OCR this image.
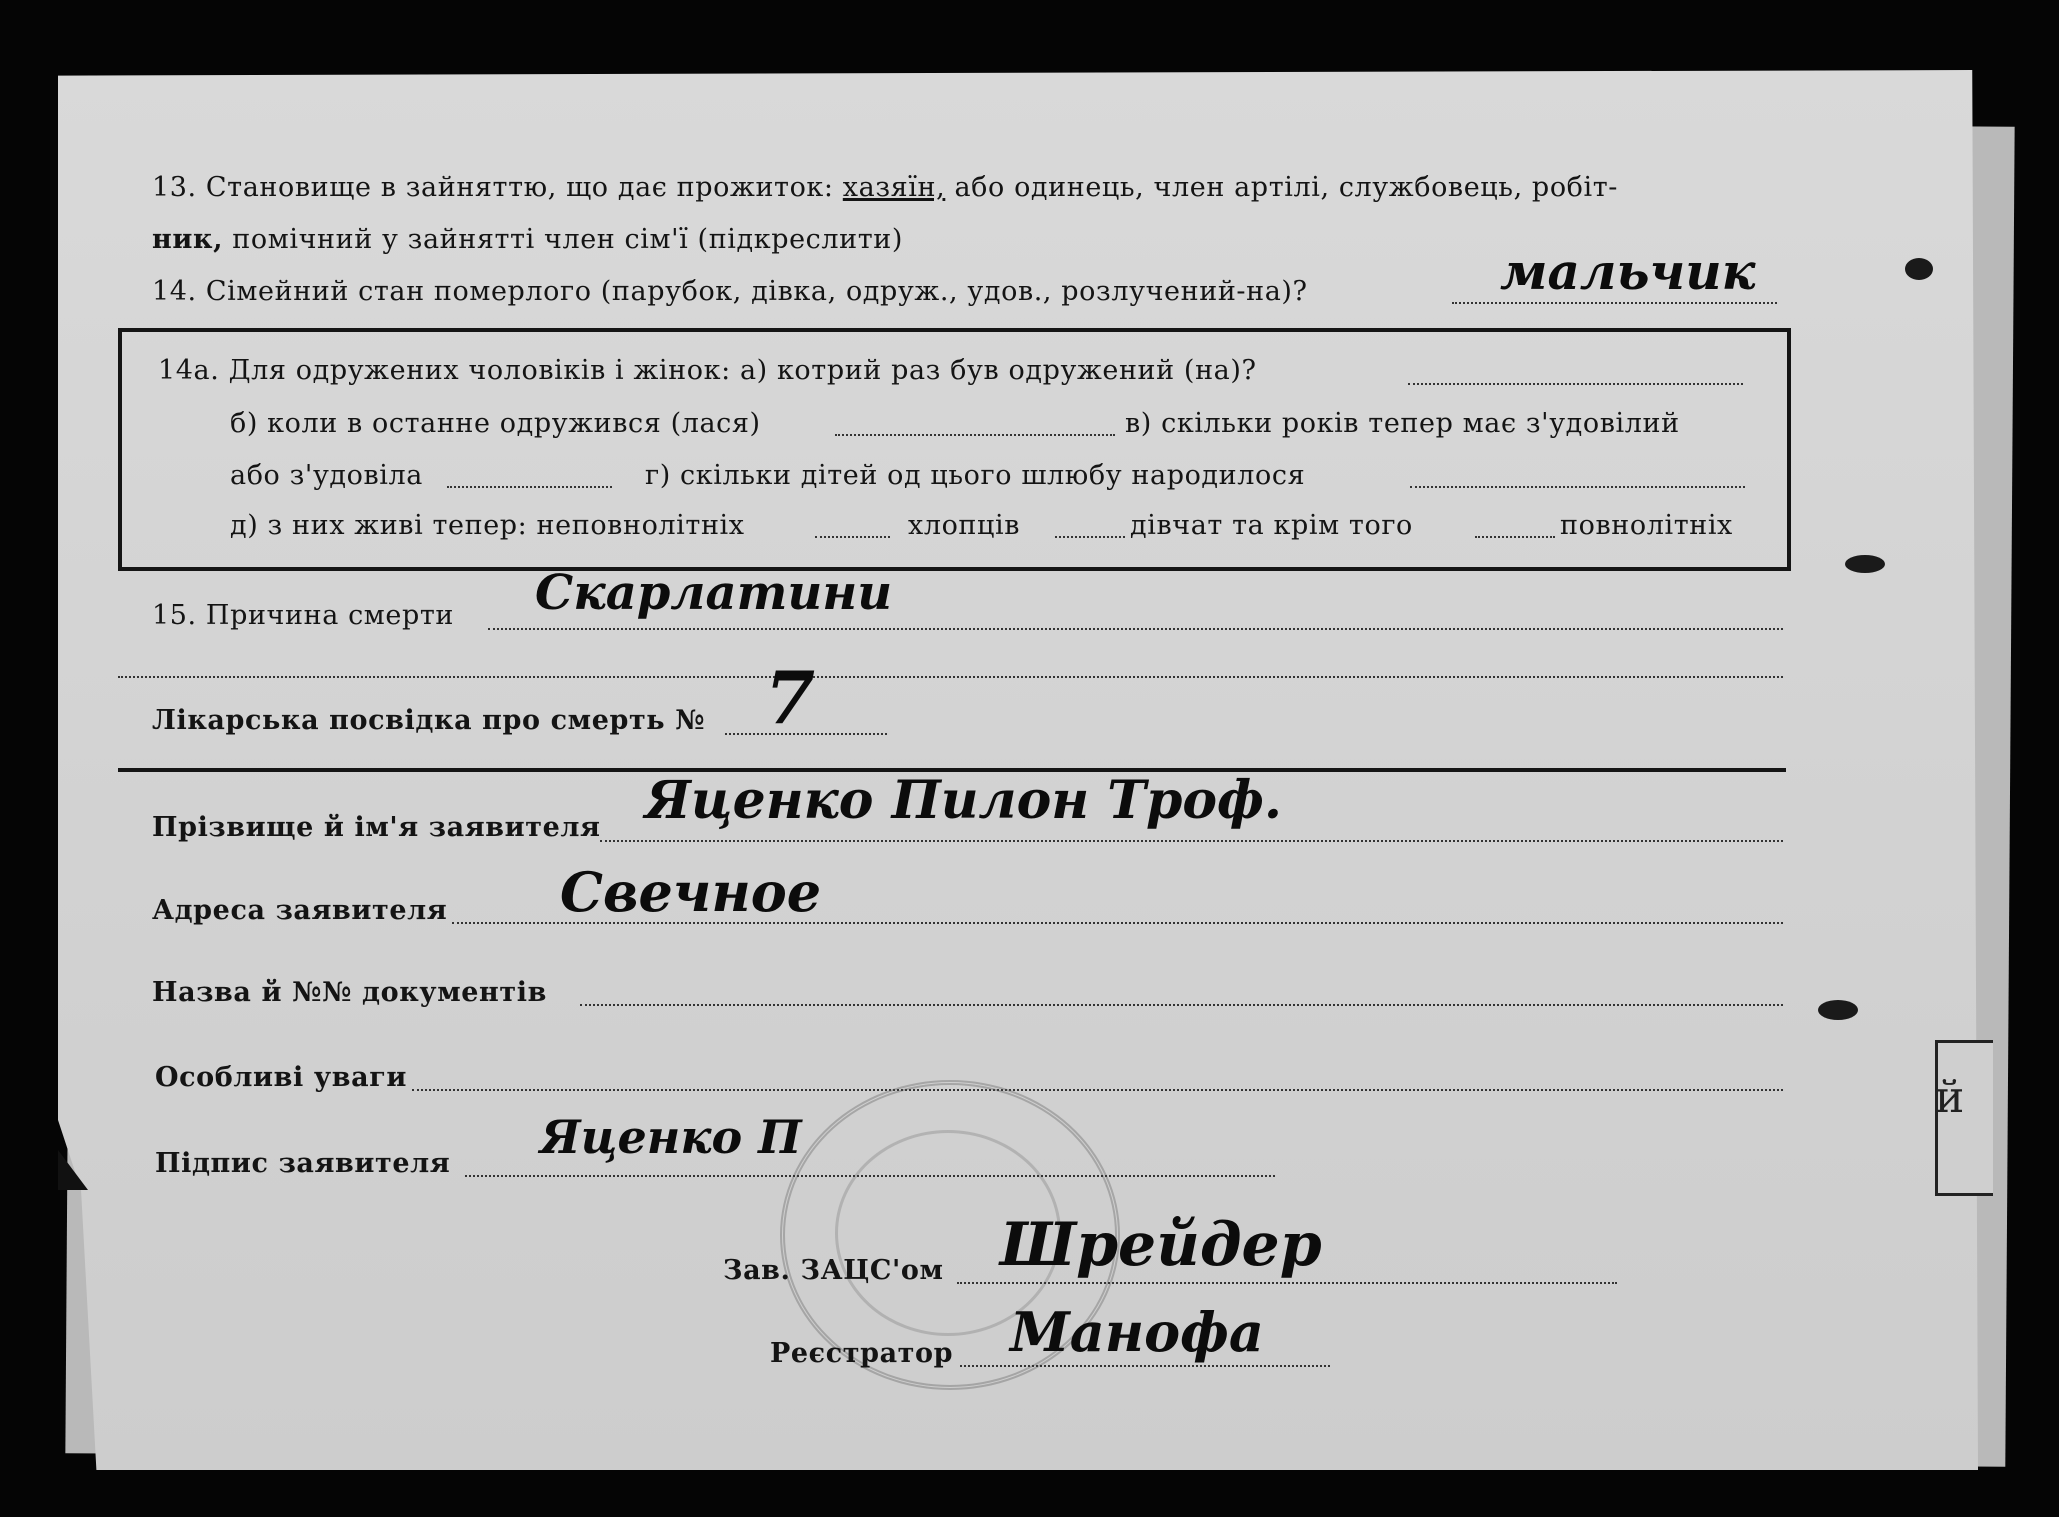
й
13. Становище в зайняттю, що дає прожиток: хазяїн, або одинець, член артілі, службовець, робіт-
ник, помічний у зайнятті член сім'ї (підкреслити)
14. Сімейний стан померлого (парубок, дівка, одруж., удов., розлучений-на)?	мальчик
14а. Для одружених чоловіків і жінок: а) котрий раз був одружений (на)?
б) коли в останне одружився (лася)	в) скільки років тепер має з'удовілий
або з'удовіла	г) скільки дітей од цього шлюбу народилося
д) з них живі тепер: неповнолітніх	хлопців	дівчат та крім того	повнолітніх
15. Причина смерти Скарлатини
Лікарська посвідка про смерть № 7
Прізвище й ім'я заявителя Яценко Пилон Троф.
Адреса заявителя Свечное
Назва й №№ документів
Особливі уваги
Підпис заявителя Яценко П
Зав. ЗАЦС'ом Шрейдер
Реєстратор Манофа
